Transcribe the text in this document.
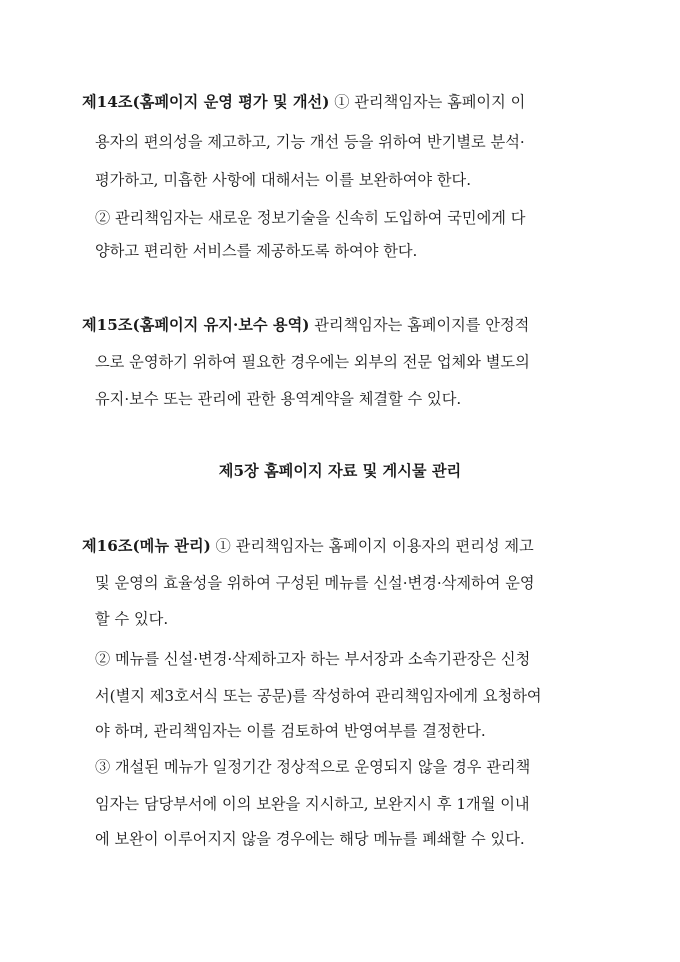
제14조(홈페이지 운영 평가 및 개선) ① 관리책임자는 홈페이지 이
용자의 편의성을 제고하고, 기능 개선 등을 위하여 반기별로 분석·
평가하고, 미흡한 사항에 대해서는 이를 보완하여야 한다.
② 관리책임자는 새로운 정보기술을 신속히 도입하여 국민에게 다
양하고 편리한 서비스를 제공하도록 하여야 한다.
제15조(홈페이지 유지·보수 용역) 관리책임자는 홈페이지를 안정적
으로 운영하기 위하여 필요한 경우에는 외부의 전문 업체와 별도의
유지·보수 또는 관리에 관한 용역계약을 체결할 수 있다.
제5장 홈페이지 자료 및 게시물 관리
제16조(메뉴 관리) ① 관리책임자는 홈페이지 이용자의 편리성 제고
및 운영의 효율성을 위하여 구성된 메뉴를 신설·변경·삭제하여 운영
할 수 있다.
② 메뉴를 신설·변경·삭제하고자 하는 부서장과 소속기관장은 신청
서(별지 제3호서식 또는 공문)를 작성하여 관리책임자에게 요청하여
야 하며, 관리책임자는 이를 검토하여 반영여부를 결정한다.
③ 개설된 메뉴가 일정기간 정상적으로 운영되지 않을 경우 관리책
임자는 담당부서에 이의 보완을 지시하고, 보완지시 후 1개월 이내
에 보완이 이루어지지 않을 경우에는 해당 메뉴를 폐쇄할 수 있다.
